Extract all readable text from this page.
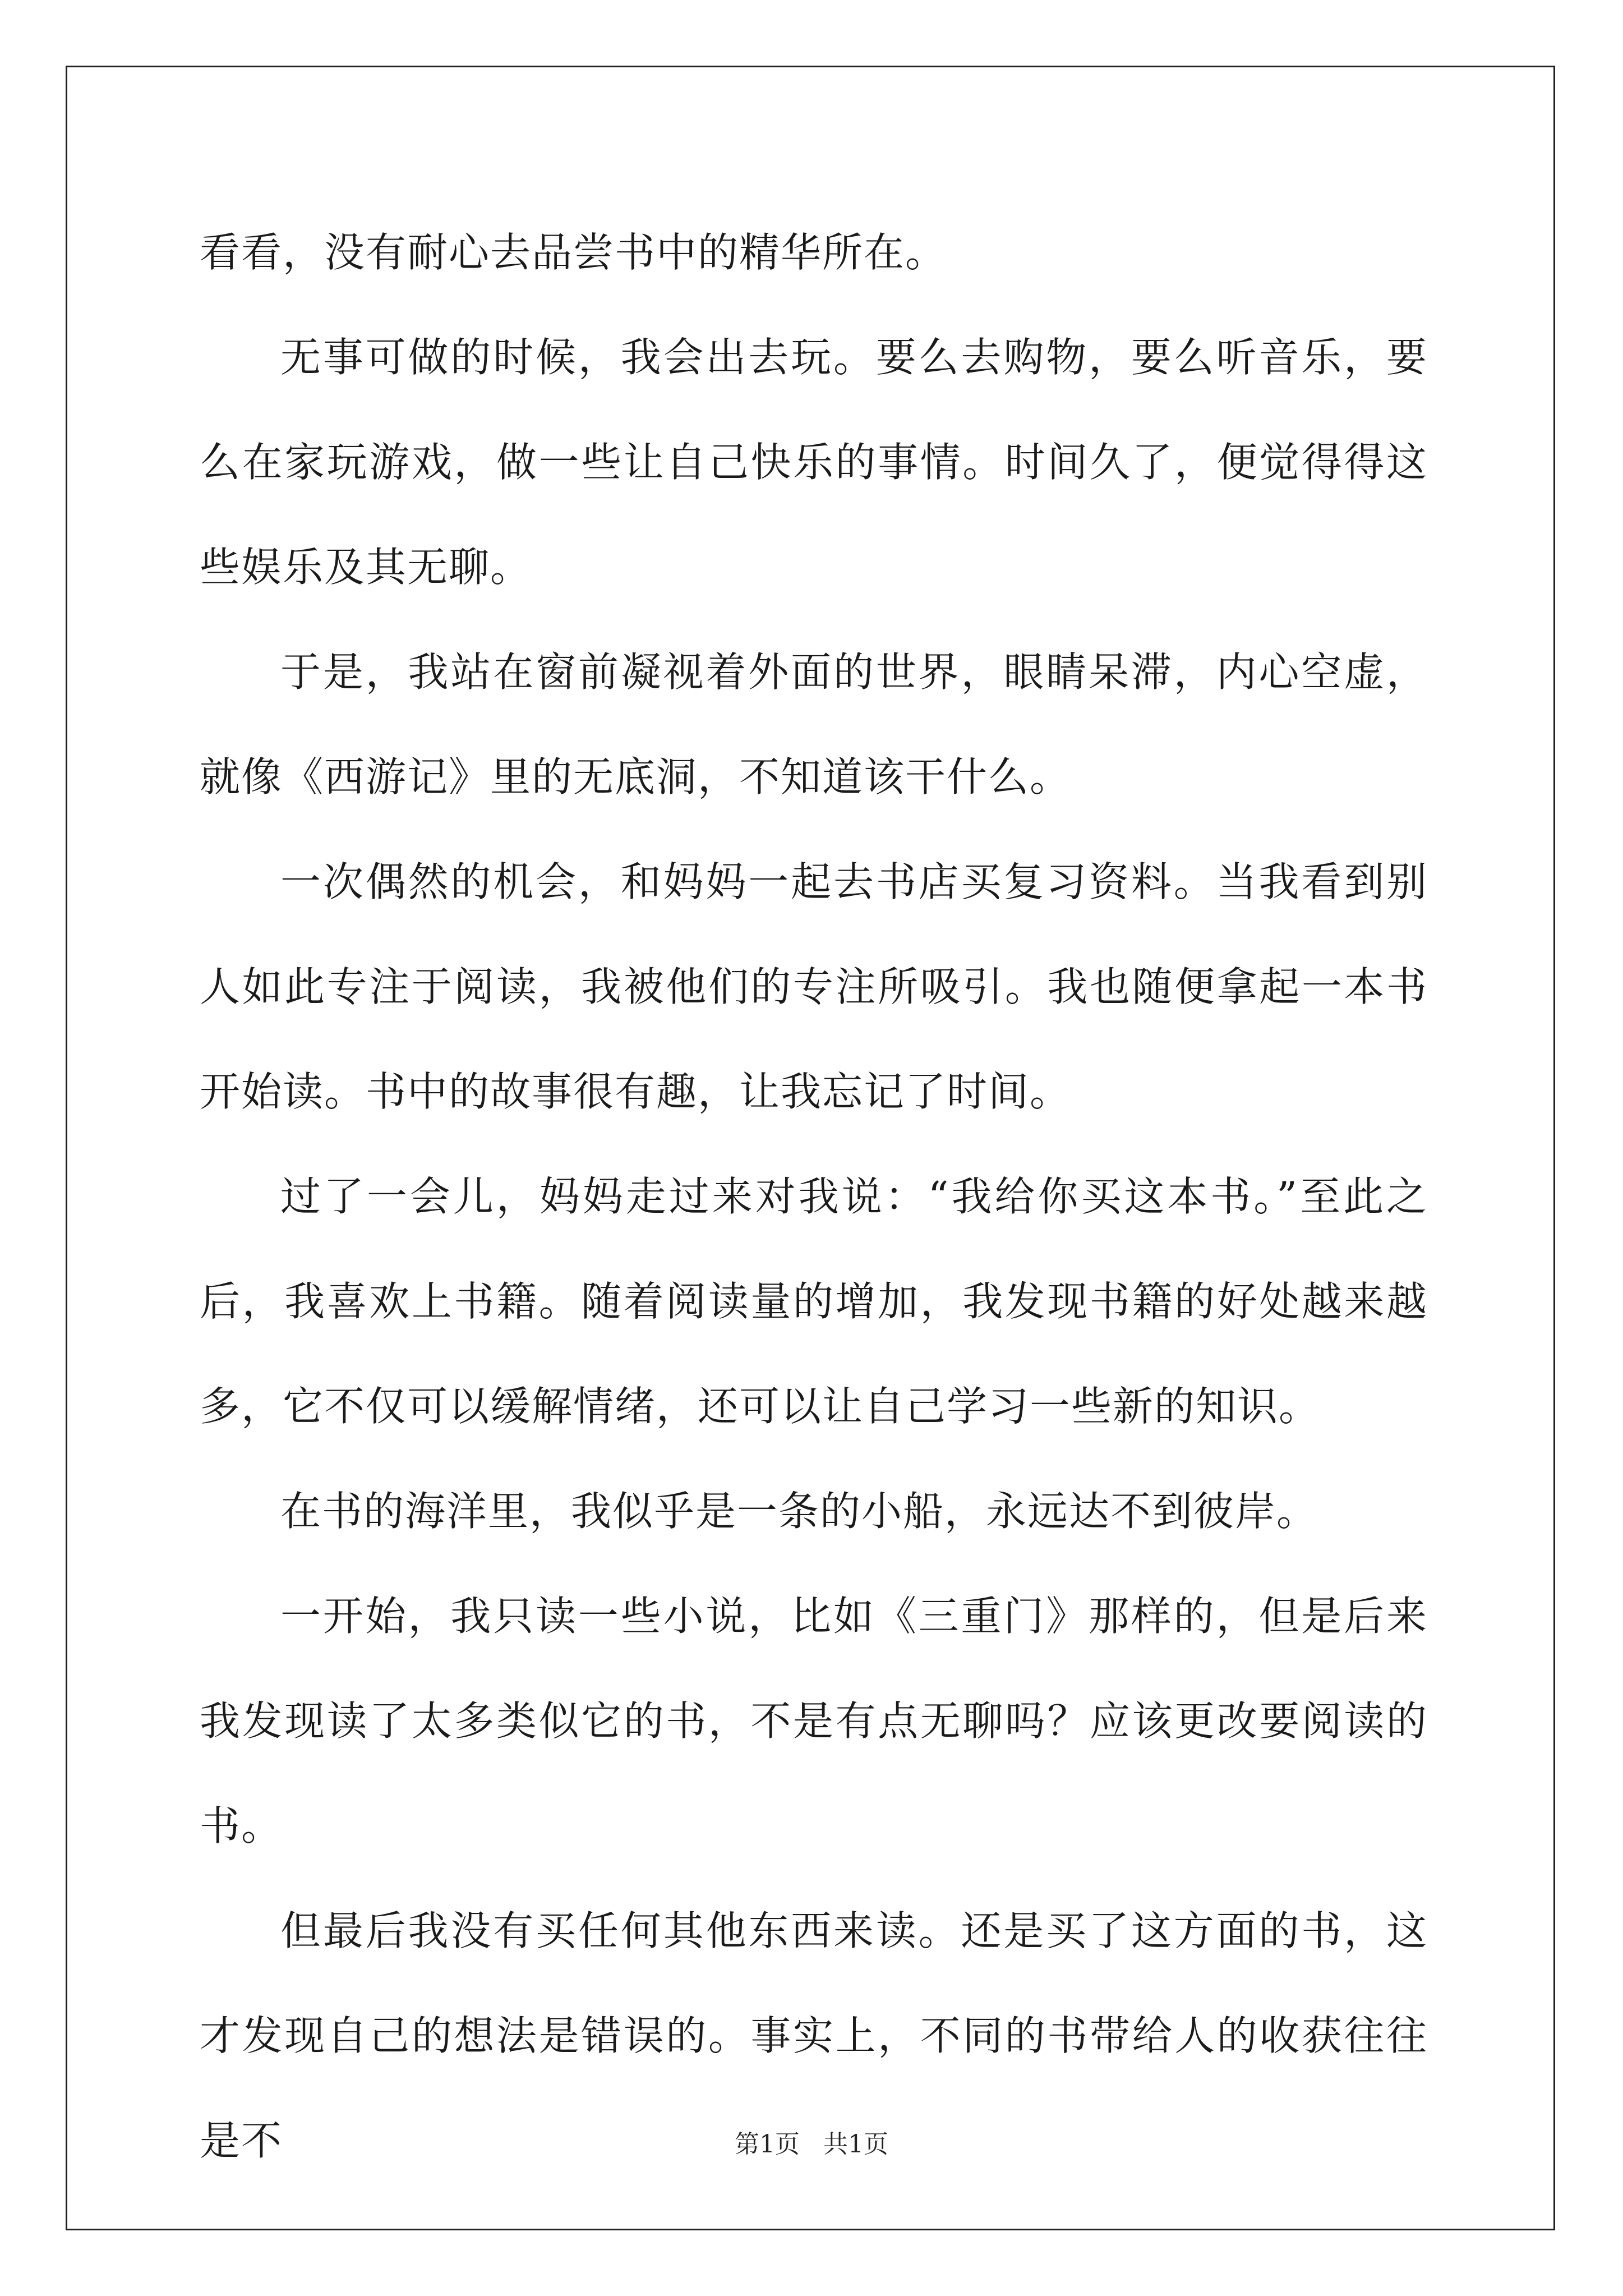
看看，没有耐心去品尝书中的精华所在。

无事可做的时候，我会出去玩。要么去购物，要么听音乐，要么在家玩游戏，做一些让自己快乐的事情。时间久了，便觉得得这些娱乐及其无聊。

于是，我站在窗前凝视着外面的世界，眼睛呆滞，内心空虚，就像《西游记》里的无底洞，不知道该干什么。

一次偶然的机会，和妈妈一起去书店买复习资料。当我看到别人如此专注于阅读，我被他们的专注所吸引。我也随便拿起一本书开始读。书中的故事很有趣，让我忘记了时间。

过了一会儿，妈妈走过来对我说：“我给你买这本书。”至此之后，我喜欢上书籍。随着阅读量的增加，我发现书籍的好处越来越多，它不仅可以缓解情绪，还可以让自己学习一些新的知识。

在书的海洋里，我似乎是一条的小船，永远达不到彼岸。

一开始，我只读一些小说，比如《三重门》那样的，但是后来我发现读了太多类似它的书，不是有点无聊吗？应该更改要阅读的书。

但最后我没有买任何其他东西来读。还是买了这方面的书，这才发现自己的想法是错误的。事实上，不同的书带给人的收获往往是不	第1页 共1页
